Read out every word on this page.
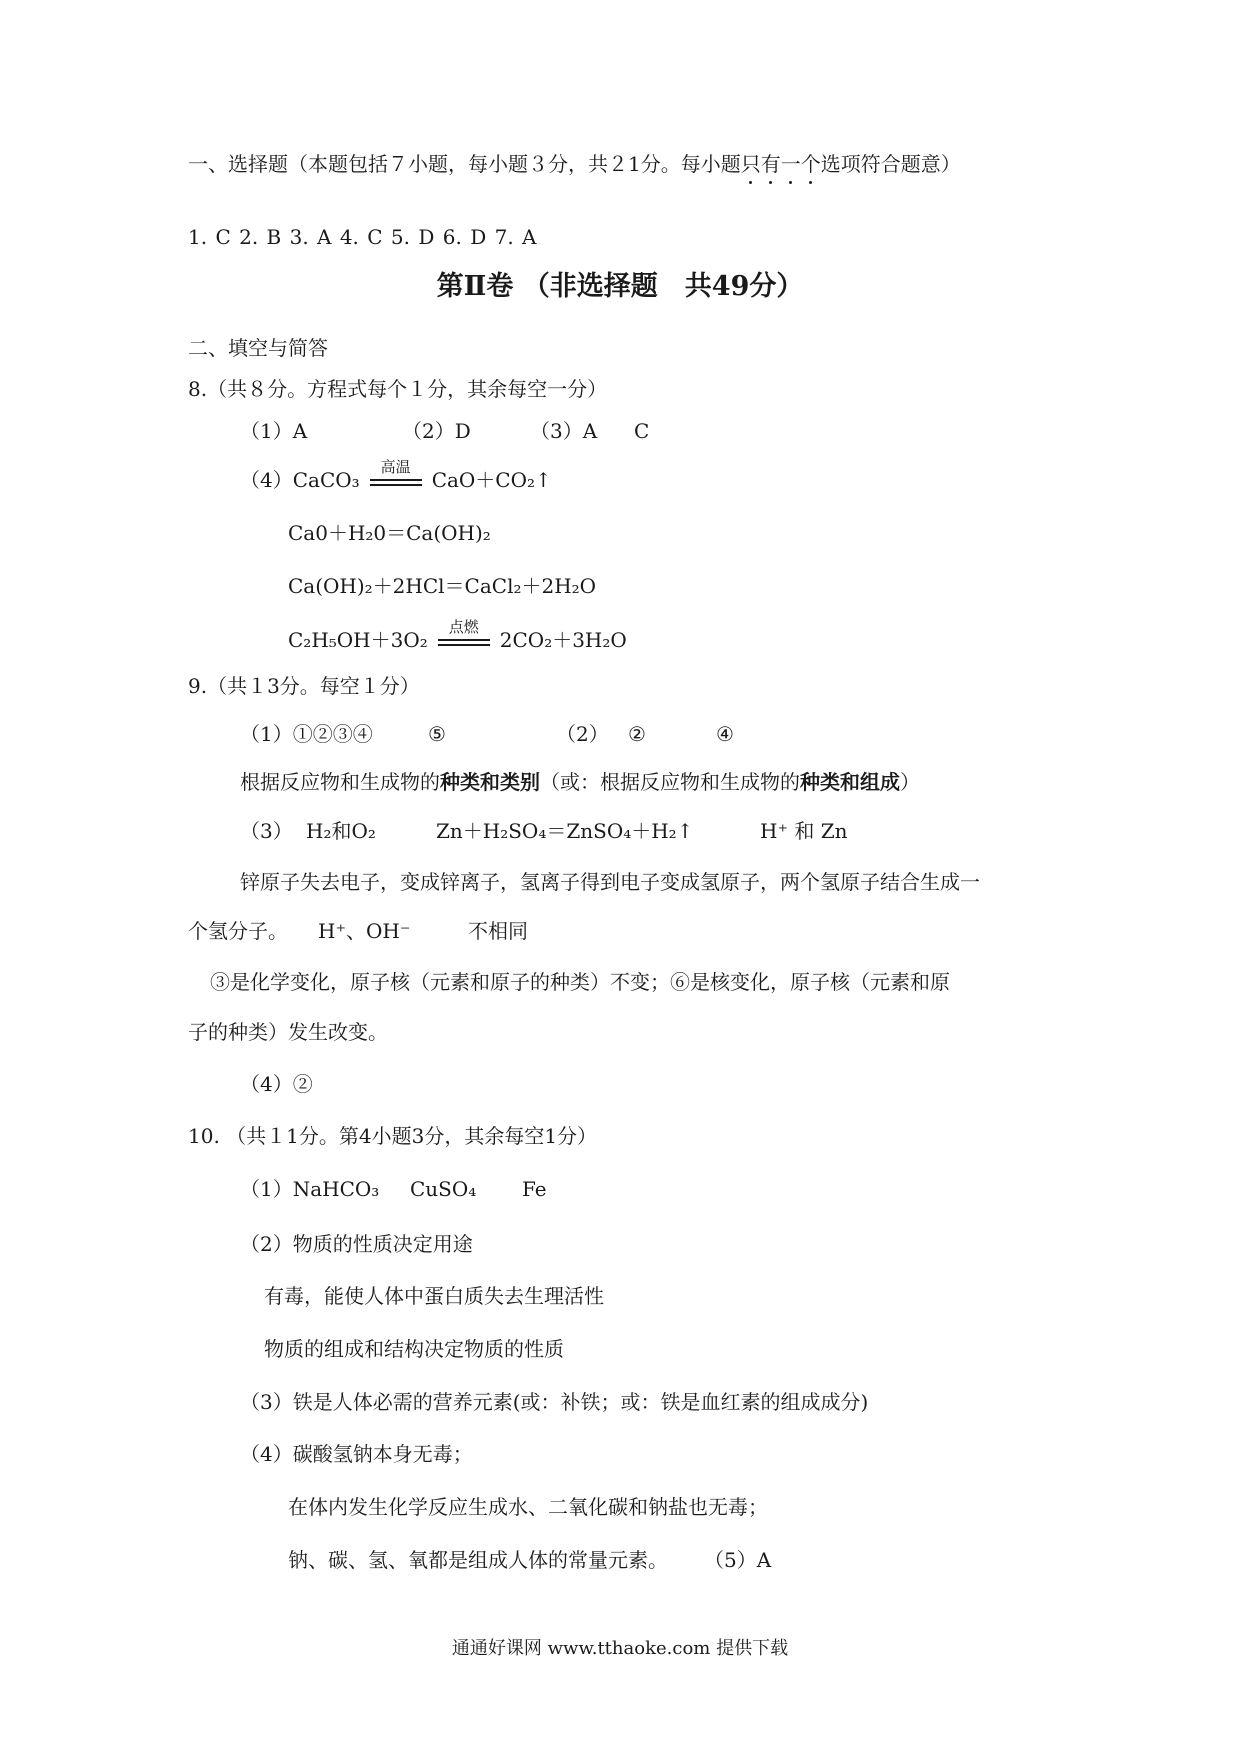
一、选择题（本题包括７小题，每小题３分，共２1分。每小题只有一个
选项符合题意）
1. C 2. B 3. A 4. C 5. D 6. D 7. A
第Ⅱ卷 （非选择题　共49分）
二、填空与简答
8.（共８分。方程式每个１分，其余每空一分）
（1）A	（2）D	（3）A C
（4）CaCO₃
高温
CaO＋CO₂↑
Ca0＋H₂0＝Ca(OH)₂
Ca(OH)₂＋2HCl＝CaCl₂＋2H₂O
C₂H₅OH＋3O₂
点燃
2CO₂＋3H₂O
9.（共１3分。每空１分）
（1）①②③④	⑤	（2） ②	④
根据反应物和生成物的种类和类别（或：根据反应物和生成物的种类和组成）
（3） H₂和O₂	Zn＋H₂SO₄＝ZnSO₄＋H₂↑	H⁺ 和 Zn
锌原子失去电子，变成锌离子，氢离子得到电子变成氢原子，两个氢原子结合生成一
个氢分子。 H⁺、OH⁻	不相同
③是化学变化，原子核（元素和原子的种类）不变；⑥是核变化，原子核（元素和原
子的种类）发生改变。
（4）②
10. （共１1分。第4小题3分，其余每空1分）
（1）NaHCO₃ CuSO₄ Fe
（2）物质的性质决定用途
有毒，能使人体中蛋白质失去生理活性
物质的组成和结构决定物质的性质
（3）铁是人体必需的营养元素(或：补铁；或：铁是血红素的组成成分)
（4）碳酸氢钠本身无毒；
在体内发生化学反应生成水、二氧化碳和钠盐也无毒；
钠、碳、氢、氧都是组成人体的常量元素。 （5）A
通通好课网 www.tthaoke.com 提供下载
